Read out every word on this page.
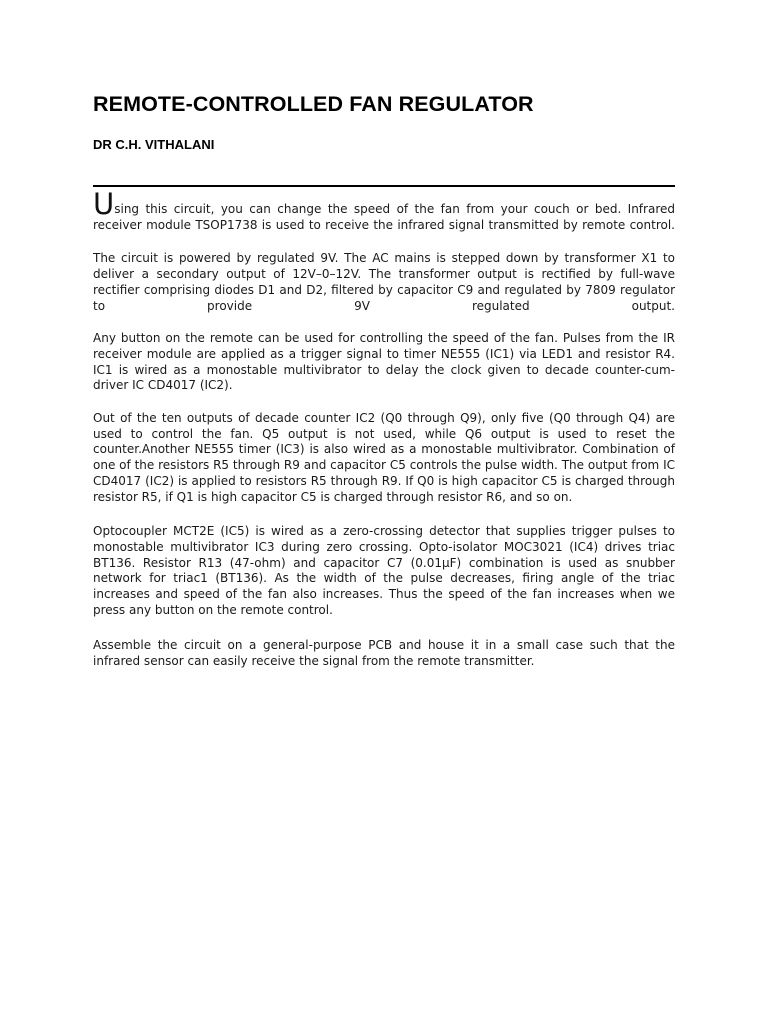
REMOTE-CONTROLLED FAN REGULATOR
DR C.H. VITHALANI

Using this circuit, you can change the speed of the fan from your couch or bed. Infrared receiver module TSOP1738 is used to receive the infrared signal transmitted by remote control.

The circuit is powered by regulated 9V. The AC mains is stepped down by transformer X1 to deliver a secondary output of 12V–0–12V. The transformer output is rectified by full-wave rectifier comprising diodes D1 and D2, filtered by capacitor C9 and regulated by 7809 regulator to provide 9V regulated output.

Any button on the remote can be used for controlling the speed of the fan. Pulses from the IR receiver module are applied as a trigger signal to timer NE555 (IC1) via LED1 and resistor R4. IC1 is wired as a monostable multivibrator to delay the clock given to decade counter-cum-driver IC CD4017 (IC2).

Out of the ten outputs of decade counter IC2 (Q0 through Q9), only five (Q0 through Q4) are used to control the fan. Q5 output is not used, while Q6 output is used to reset the counter.Another NE555 timer (IC3) is also wired as a monostable multivibrator. Combination of one of the resistors R5 through R9 and capacitor C5 controls the pulse width. The output from IC CD4017 (IC2) is applied to resistors R5 through R9. If Q0 is high capacitor C5 is charged through resistor R5, if Q1 is high capacitor C5 is charged through resistor R6, and so on.

Optocoupler MCT2E (IC5) is wired as a zero-crossing detector that supplies trigger pulses to monostable multivibrator IC3 during zero crossing. Opto-isolator MOC3021 (IC4) drives triac BT136. Resistor R13 (47-ohm) and capacitor C7 (0.01µF) combination is used as snubber network for triac1 (BT136). As the width of the pulse decreases, firing angle of the triac increases and speed of the fan also increases. Thus the speed of the fan increases when we press any button on the remote control.

Assemble the circuit on a general-purpose PCB and house it in a small case such that the infrared sensor can easily receive the signal from the remote transmitter.
